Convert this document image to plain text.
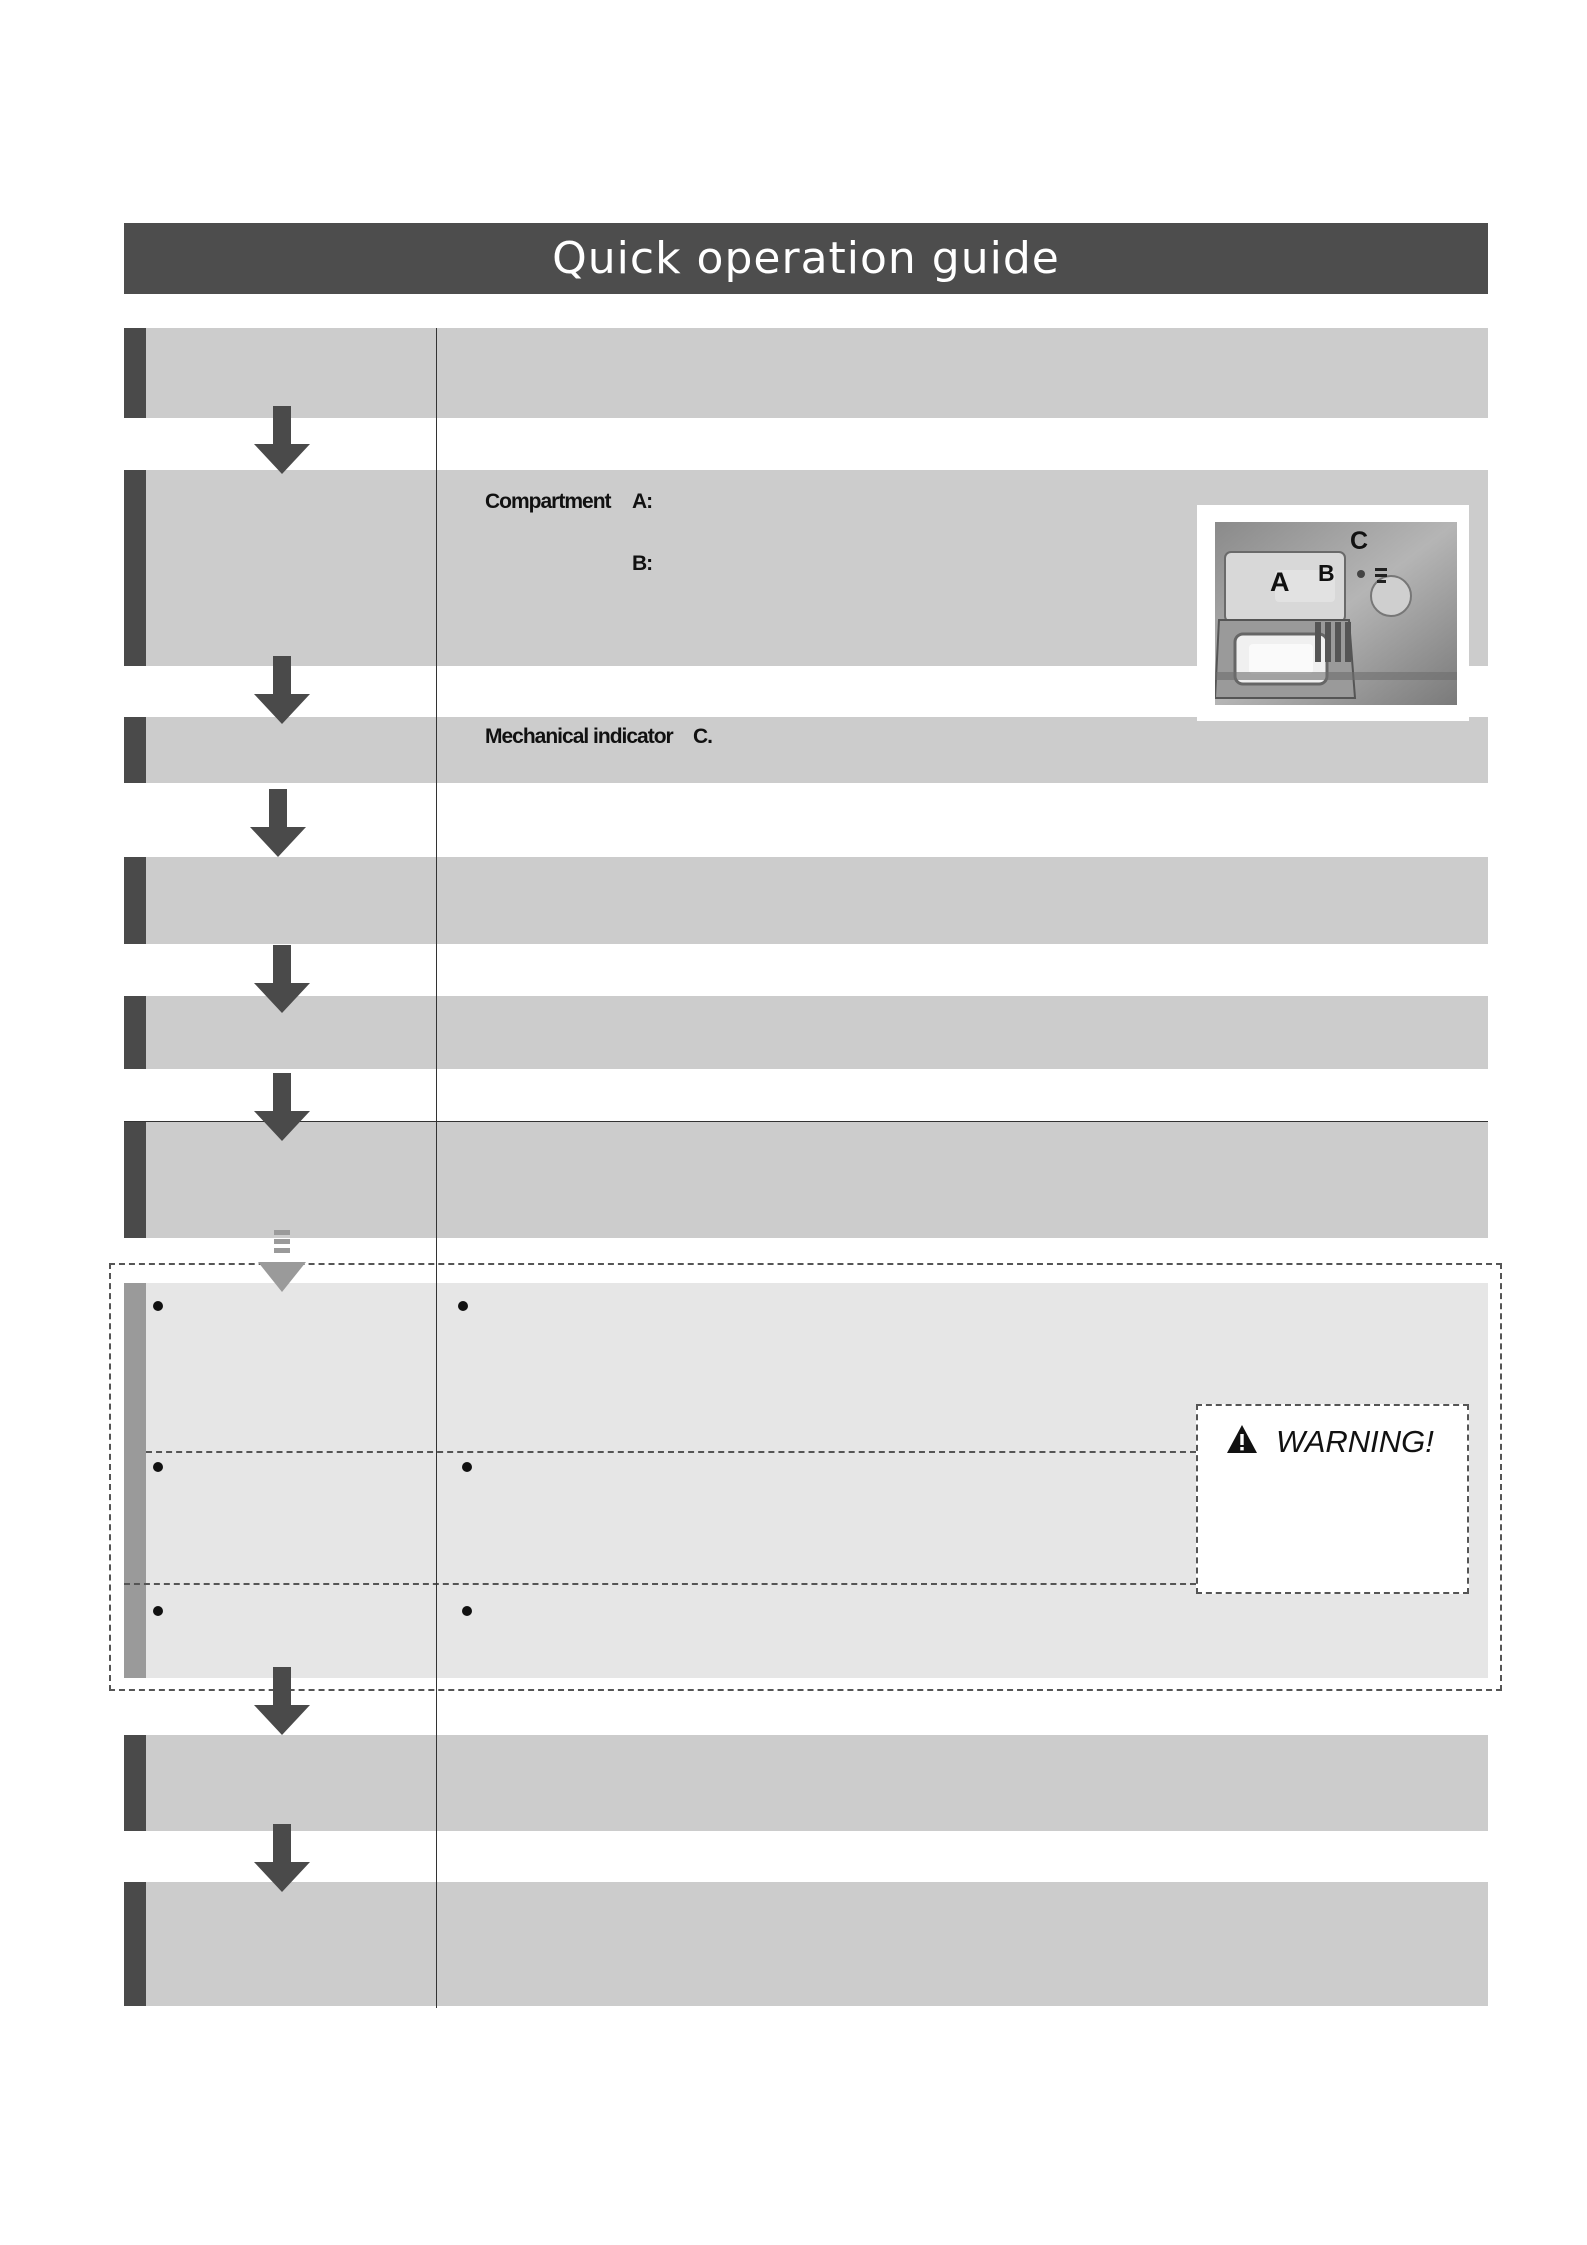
Quick operation guide
Compartment A:
B:
Mechanical indicator C.
A B
C
WARNING!
